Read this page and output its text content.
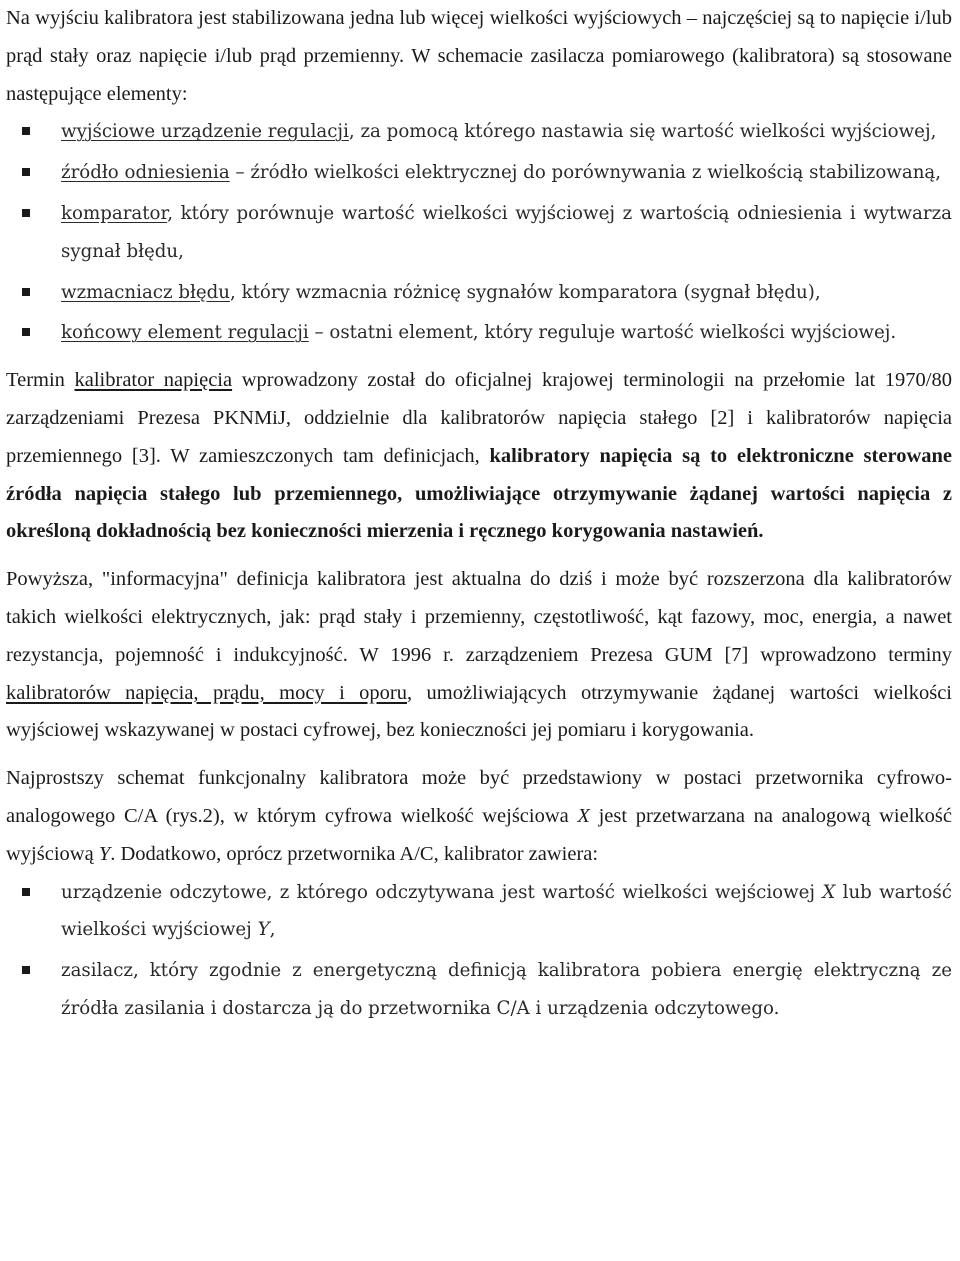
Na wyjściu kalibratora jest stabilizowana jedna lub więcej wielkości wyjściowych – najczęściej są to napięcie i/lub prąd stały oraz napięcie i/lub prąd przemienny. W schemacie zasilacza pomiarowego (kalibratora) są stosowane następujące elementy:

wyjściowe urządzenie regulacji, za pomocą którego nastawia się wartość wielkości wyjściowej,
źródło odniesienia – źródło wielkości elektrycznej do porównywania z wielkością stabilizowaną,
komparator, który porównuje wartość wielkości wyjściowej z wartością odniesienia i wytwarza sygnał błędu,
wzmacniacz błędu, który wzmacnia różnicę sygnałów komparatora (sygnał błędu),
końcowy element regulacji – ostatni element, który reguluje wartość wielkości wyjściowej.

Termin kalibrator napięcia wprowadzony został do oficjalnej krajowej terminologii na przełomie lat 1970/80 zarządzeniami Prezesa PKNMiJ, oddzielnie dla kalibratorów napięcia stałego [2] i kalibratorów napięcia przemiennego [3]. W zamieszczonych tam definicjach, kalibratory napięcia są to elektroniczne sterowane źródła napięcia stałego lub przemiennego, umożliwiające otrzymywanie żądanej wartości napięcia z określoną dokładnością bez konieczności mierzenia i ręcznego korygowania nastawień.

Powyższa, "informacyjna" definicja kalibratora jest aktualna do dziś i może być rozszerzona dla kalibratorów takich wielkości elektrycznych, jak: prąd stały i przemienny, częstotliwość, kąt fazowy, moc, energia, a nawet rezystancja, pojemność i indukcyjność. W 1996 r. zarządzeniem Prezesa GUM [7] wprowadzono terminy kalibratorów napięcia, prądu, mocy i oporu, umożliwiających otrzymywanie żądanej wartości wielkości wyjściowej wskazywanej w postaci cyfrowej, bez konieczności jej pomiaru i korygowania.

Najprostszy schemat funkcjonalny kalibratora może być przedstawiony w postaci przetwornika cyfrowo-analogowego C/A (rys.2), w którym cyfrowa wielkość wejściowa X jest przetwarzana na analogową wielkość wyjściową Y. Dodatkowo, oprócz przetwornika A/C, kalibrator zawiera:

urządzenie odczytowe, z którego odczytywana jest wartość wielkości wejściowej X lub wartość wielkości wyjściowej Y,
zasilacz, który zgodnie z energetyczną definicją kalibratora pobiera energię elektryczną ze źródła zasilania i dostarcza ją do przetwornika C/A i urządzenia odczytowego.
